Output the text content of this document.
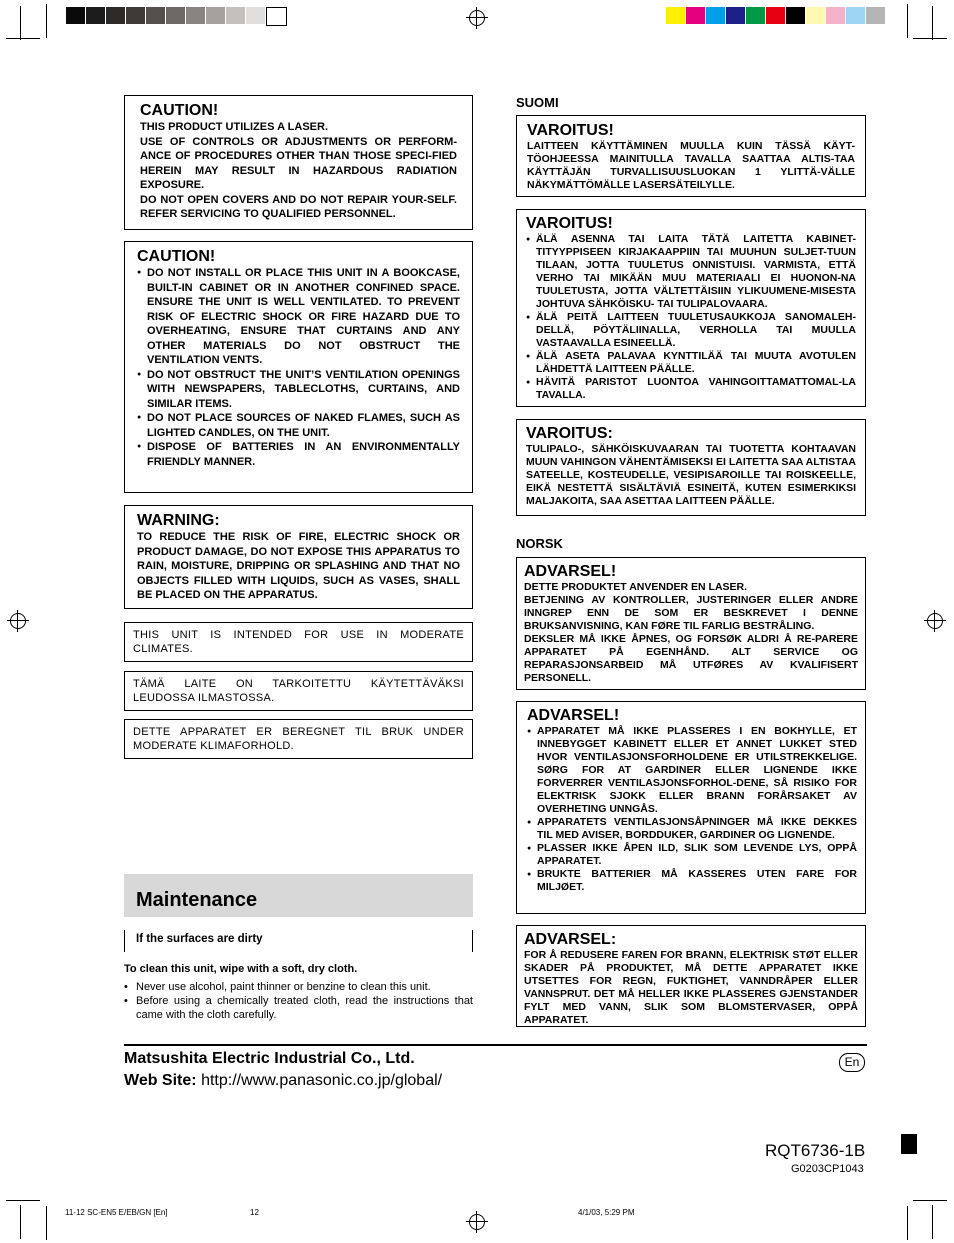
CAUTION!

THIS PRODUCT UTILIZES A LASER.

USE OF CONTROLS OR ADJUSTMENTS OR PERFORM-ANCE OF PROCEDURES OTHER THAN THOSE SPECI-FIED HEREIN MAY RESULT IN HAZARDOUS RADIATION EXPOSURE.

DO NOT OPEN COVERS AND DO NOT REPAIR YOUR-SELF. REFER SERVICING TO QUALIFIED PERSONNEL.

CAUTION!

● DO NOT INSTALL OR PLACE THIS UNIT IN A BOOKCASE, BUILT-IN CABINET OR IN ANOTHER CONFINED SPACE. ENSURE THE UNIT IS WELL VENTILATED. TO PREVENT RISK OF ELECTRIC SHOCK OR FIRE HAZARD DUE TO OVERHEATING, ENSURE THAT CURTAINS AND ANY OTHER MATERIALS DO NOT OBSTRUCT THE VENTILATION VENTS.
● DO NOT OBSTRUCT THE UNIT’S VENTILATION OPENINGS WITH NEWSPAPERS, TABLECLOTHS, CURTAINS, AND SIMILAR ITEMS.
● DO NOT PLACE SOURCES OF NAKED FLAMES, SUCH AS LIGHTED CANDLES, ON THE UNIT.
● DISPOSE OF BATTERIES IN AN ENVIRONMENTALLY FRIENDLY MANNER.

WARNING:

TO REDUCE THE RISK OF FIRE, ELECTRIC SHOCK OR PRODUCT DAMAGE, DO NOT EXPOSE THIS APPARATUS TO RAIN, MOISTURE, DRIPPING OR SPLASHING AND THAT NO OBJECTS FILLED WITH LIQUIDS, SUCH AS VASES, SHALL BE PLACED ON THE APPARATUS.

THIS UNIT IS INTENDED FOR USE IN MODERATE CLIMATES.
TÄMÄ LAITE ON TARKOITETTU KÄYTETTÄVÄKSI LEUDOSSA ILMASTOSSA.
DETTE APPARATET ER BEREGNET TIL BRUK UNDER MODERATE KLIMAFORHOLD.
Maintenance
If the surfaces are dirty
To clean this unit, wipe with a soft, dry cloth.
• Never use alcohol, paint thinner or benzine to clean this unit.
• Before using a chemically treated cloth, read the instructions that came with the cloth carefully.
SUOMI

VAROITUS!

LAITTEEN KÄYTTÄMINEN MUULLA KUIN TÄSSÄ KÄYT-TÖOHJEESSA MAINITULLA TAVALLA SAATTAA ALTIS-TAA KÄYTTÄJÄN TURVALLISUUSLUOKAN 1 YLITTÄ-VÄLLE NÄKYMÄTTÖMÄLLE LASERSÄTEILYLLE.

VAROITUS!

● ÄLÄ ASENNA TAI LAITA TÄTÄ LAITETTA KABINET-TITYYPPISEEN KIRJAKAAPPIIN TAI MUUHUN SULJET-TUUN TILAAN, JOTTA TUULETUS ONNISTUISI. VARMISTA, ETTÄ VERHO TAI MIKÄÄN MUU MATERIAALI EI HUONON-NA TUULETUSTA, JOTTA VÄLTETTÄISIIN YLIKUUMENE-MISESTA JOHTUVA SÄHKÖISKU- TAI TULIPALOVAARA.
● ÄLÄ PEITÄ LAITTEEN TUULETUSAUKKOJA SANOMALEH-DELLÄ, PÖYTÄLIINALLA, VERHOLLA TAI MUULLA VASTAAVALLA ESINEELLÄ.
● ÄLÄ ASETA PALAVAA KYNTTILÄÄ TAI MUUTA AVOTULEN LÄHDETTÄ LAITTEEN PÄÄLLE.
● HÄVITÄ PARISTOT LUONTOA VAHINGOITTAMATTOMAL-LA TAVALLA.

VAROITUS:

TULIPALO-, SÄHKÖISKUVAARAN TAI TUOTETTA KOHTAAVAN MUUN VAHINGON VÄHENTÄMISEKSI EI LAITETTA SAA ALTISTAA SATEELLE, KOSTEUDELLE, VESIPISAROILLE TAI ROISKEELLE, EIKÄ NESTETTÄ SISÄLTÄVIÄ ESINEITÄ, KUTEN ESIMERKIKSI MALJAKOITA, SAA ASETTAA LAITTEEN PÄÄLLE.

NORSK

ADVARSEL!

DETTE PRODUKTET ANVENDER EN LASER.

BETJENING AV KONTROLLER, JUSTERINGER ELLER ANDRE INNGREP ENN DE SOM ER BESKREVET I DENNE BRUKSANVISNING, KAN FØRE TIL FARLIG BESTRÅLING.

DEKSLER MÅ IKKE ÅPNES, OG FORSØK ALDRI Å RE-PARERE APPARATET PÅ EGENHÅND. ALT SERVICE OG REPARASJONSARBEID MÅ UTFØRES AV KVALIFISERT PERSONELL.

ADVARSEL!

● APPARATET MÅ IKKE PLASSERES I EN BOKHYLLE, ET INNEBYGGET KABINETT ELLER ET ANNET LUKKET STED HVOR VENTILASJONSFORHOLDENE ER UTILSTREKKELIGE. SØRG FOR AT GARDINER ELLER LIGNENDE IKKE FORVERRER VENTILASJONSFORHOL-DENE, SÅ RISIKO FOR ELEKTRISK SJOKK ELLER BRANN FORÅRSAKET AV OVERHETING UNNGÅS.
● APPARATETS VENTILASJONSÅPNINGER MÅ IKKE DEKKES TIL MED AVISER, BORDDUKER, GARDINER OG LIGNENDE.
● PLASSER IKKE ÅPEN ILD, SLIK SOM LEVENDE LYS, OPPÅ APPARATET.
● BRUKTE BATTERIER MÅ KASSERES UTEN FARE FOR MILJØET.

ADVARSEL:

FOR Å REDUSERE FAREN FOR BRANN, ELEKTRISK STØT ELLER SKADER PÅ PRODUKTET, MÅ DETTE APPARATET IKKE UTSETTES FOR REGN, FUKTIGHET, VANNDRÅPER ELLER VANNSPRUT. DET MÅ HELLER IKKE PLASSERES GJENSTANDER FYLT MED VANN, SLIK SOM BLOMSTERVASER, OPPÅ APPARATET.

Matsushita Electric Industrial Co., Ltd.
Web Site: http://www.panasonic.co.jp/global/
En
RQT6736-1B
G0203CP1043
11-12 SC-EN5 E/EB/GN [En]	12	4/1/03, 5:29 PM
